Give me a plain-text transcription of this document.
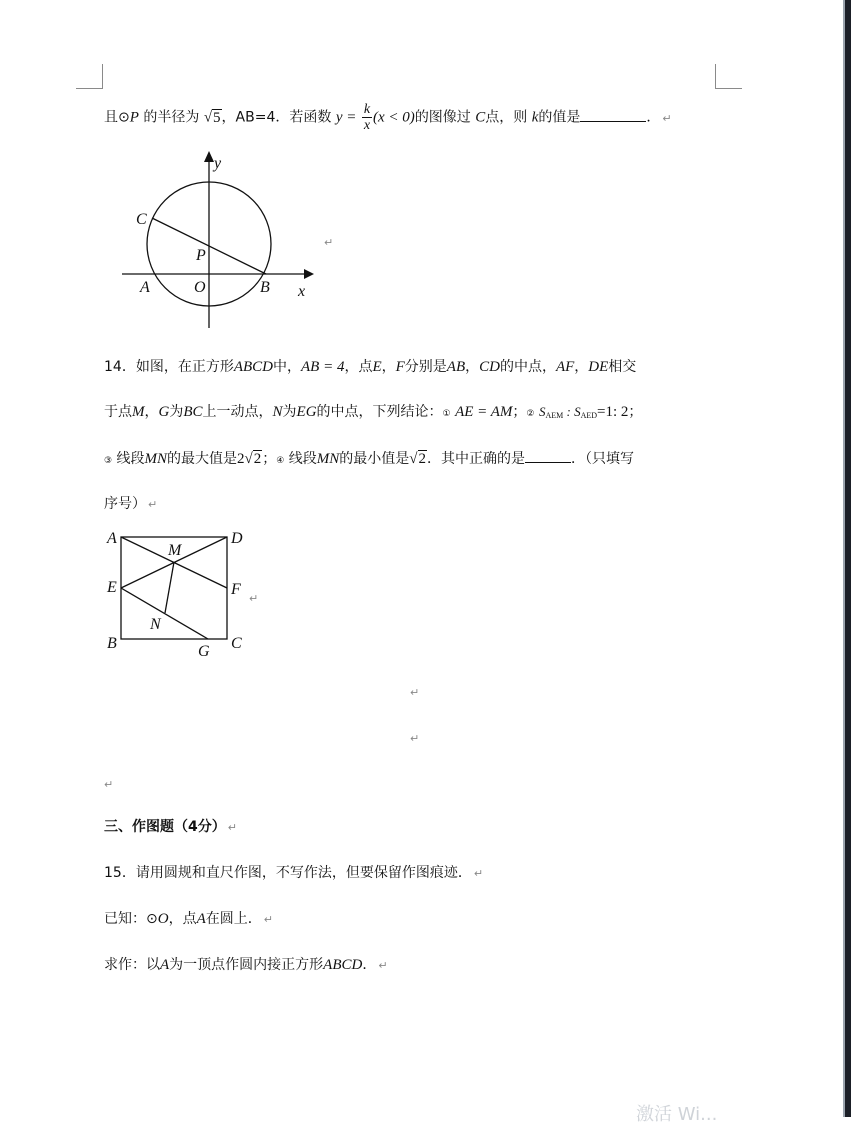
且⊙P 的半径为 √5，AB=4．若函数 $y = \frac{k}{x} (x < 0)$的图像过 C点，则 k的值是	． ↵
y
C
P
A	O	B x
↵
14．如图，在正方形ABCD中，AB = 4，点E，F分别是AB，CD的中点，AF，DE相交
于点M，G为BC上一动点，N为EG的中点，下列结论：① AE = AM；② $S_{AEM}$ : $S_{AED}=1$: 2；
③ 线段MN的最大值是2√2；④ 线段MN的最小值是√2．其中正确的是	．（只填写
序号） ↵
A	D
M
E	F
N
B	G C
↵
↵
↵
↵
三、作图题（4分） ↵
15．请用圆规和直尺作图，不写作法，但要保留作图痕迹． ↵
已知：⊙O，点A在圆上． ↵
求作：以A为一顶点作圆内接正方形ABCD． ↵
激活 Wi...
